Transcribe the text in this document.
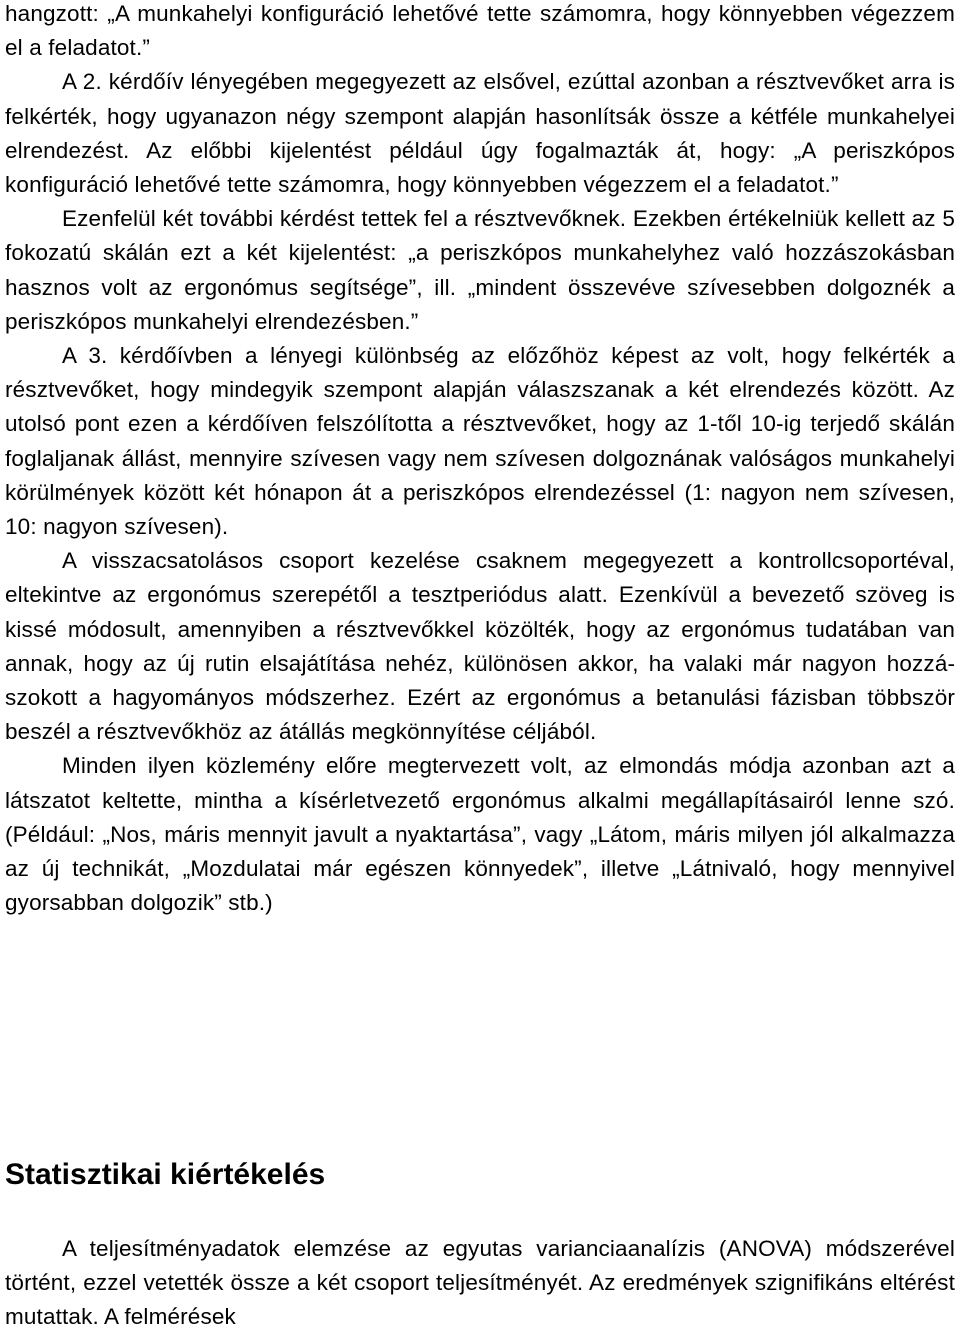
hangzott: „A munkahelyi konfiguráció lehetővé tette számomra, hogy könnyebben végezzem el a feladatot.”

A 2. kérdőív lényegében megegyezett az elsővel, ezúttal azonban a résztvevőket arra is felkérték, hogy ugyanazon négy szempont alapján hasonlítsák össze a kétféle munkahelyei elrendezést. Az előbbi kijelentést például úgy fogalmazták át, hogy: „A periszkópos konfiguráció lehetővé tette számomra, hogy könnyebben végezzem el a feladatot.”

Ezenfelül két további kérdést tettek fel a résztvevőknek. Ezekben értékelniük kellett az 5 fokozatú skálán ezt a két kijelentést: „a periszkópos munkahelyhez való hozzászokásban hasznos volt az ergonómus segítsége”, ill. „mindent összevéve szívesebben dolgoznék a periszkópos munkahelyi elrendezésben.”

A 3. kérdőívben a lényegi különbség az előzőhöz képest az volt, hogy felkérték a résztvevőket, hogy mindegyik szempont alapján válaszszanak a két elrendezés között. Az utolsó pont ezen a kérdőíven felszólította a résztvevőket, hogy az 1-től 10-ig terjedő skálán foglaljanak állást, mennyire szívesen vagy nem szívesen dolgoznának valóságos munkahelyi körülmények között két hónapon át a periszkópos elrendezéssel (1: nagyon nem szívesen, 10: nagyon szívesen).

A visszacsatolásos csoport kezelése csaknem megegyezett a kontrollcsoportéval, eltekintve az ergonómus szerepétől a tesztperiódus alatt. Ezenkívül a bevezető szöveg is kissé módosult, amennyiben a résztvevőkkel közölték, hogy az ergonómus tudatában van annak, hogy az új rutin elsajátítása nehéz, különösen akkor, ha valaki már nagyon hozzászokott a hagyományos módszerhez. Ezért az ergonómus a betanulási fázisban többször beszél a résztvevőkhöz az átállás megkönnyítése céljából.

Minden ilyen közlemény előre megtervezett volt, az elmondás módja azonban azt a látszatot keltette, mintha a kísérletvezető ergonómus alkalmi megállapításairól lenne szó. (Például: „Nos, máris mennyit javult a nyaktartása”, vagy „Látom, máris milyen jól alkalmazza az új technikát, „Mozdulatai már egészen könnyedek”, illetve „Látnivaló, hogy mennyivel gyorsabban dolgozik” stb.)

Statisztikai kiértékelés

A teljesítményadatok elemzése az egyutas varianciaanalízis (ANOVA) módszerével történt, ezzel vetették össze a két csoport teljesítményét. Az eredmények szignifikáns eltérést mutattak. A felmérések
